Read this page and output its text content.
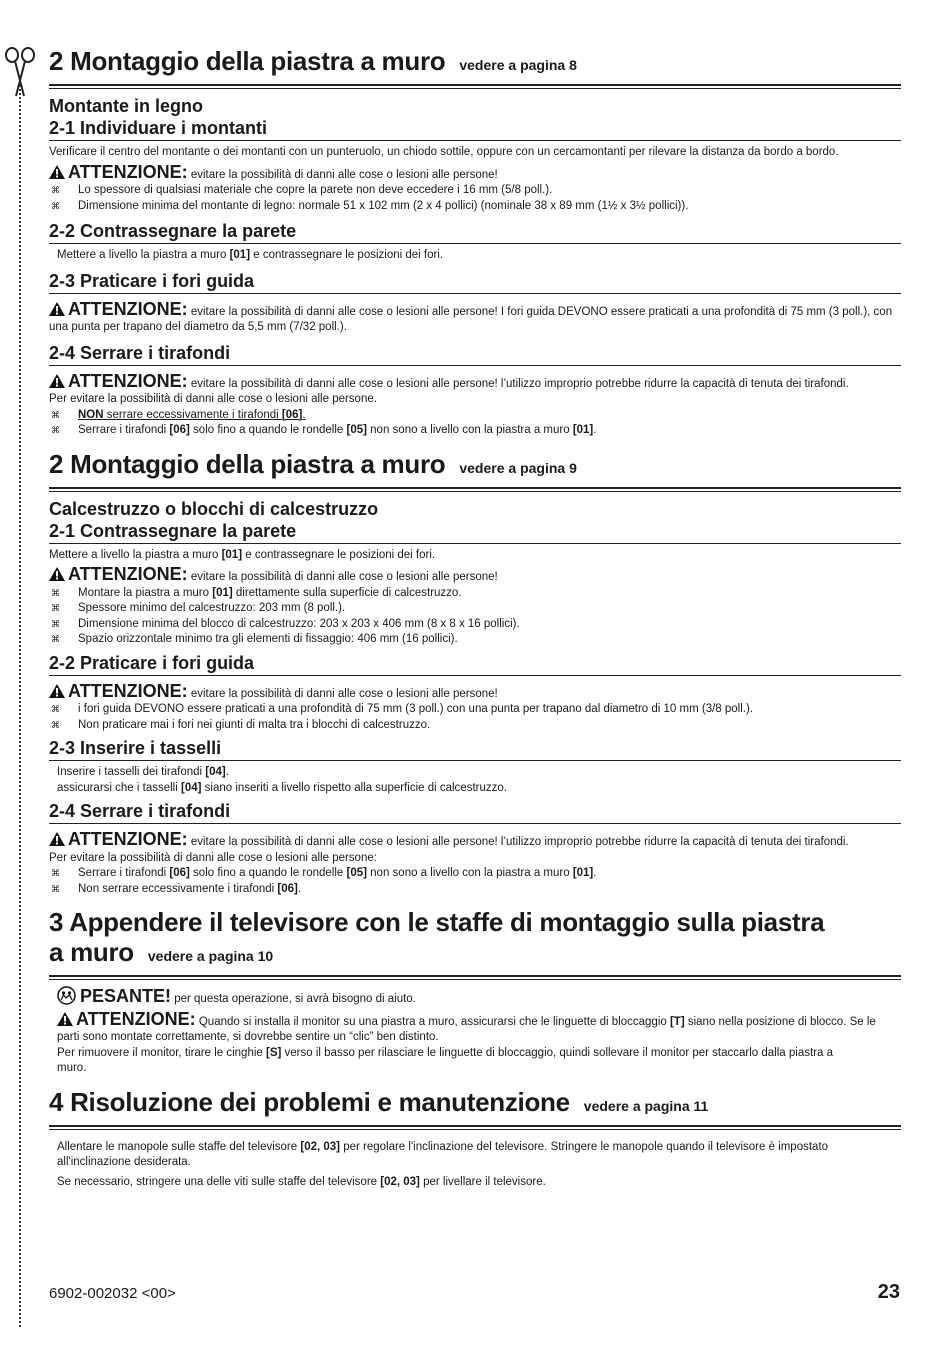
2 Montaggio della piastra a muro vedere a pagina 8
Montante in legno
2-1 Individuare i montanti

Verificare il centro del montante o dei montanti con un punteruolo, un chiodo sottile, oppure con un cercamontanti per rilevare la distanza da bordo a bordo.

ATTENZIONE: evitare la possibilità di danni alle cose o lesioni alle persone!
⌘ Lo spessore di qualsiasi materiale che copre la parete non deve eccedere i 16 mm (5/8 poll.).
⌘ Dimensione minima del montante di legno: normale 51 x 102 mm (2 x 4 pollici) (nominale 38 x 89 mm (1½ x 3½ pollici)).
2-2 Contrassegnare la parete

Mettere a livello la piastra a muro [01] e contrassegnare le posizioni dei fori.

2-3 Praticare i fori guida
ATTENZIONE: evitare la possibilità di danni alle cose o lesioni alle persone! I fori guida DEVONO essere praticati a una profondità di 75 mm (3 poll.), con una punta per trapano del diametro da 5,5 mm (7/32 poll.).
2-4 Serrare i tirafondi
ATTENZIONE: evitare la possibilità di danni alle cose o lesioni alle persone! l’utilizzo improprio potrebbe ridurre la capacità di tenuta dei tirafondi.

Per evitare la possibilità di danni alle cose o lesioni alle persone.

⌘ NON serrare eccessivamente i tirafondi [06].
⌘ Serrare i tirafondi [06] solo fino a quando le rondelle [05] non sono a livello con la piastra a muro [01].
2 Montaggio della piastra a muro vedere a pagina 9
Calcestruzzo o blocchi di calcestruzzo
2-1 Contrassegnare la parete

Mettere a livello la piastra a muro [01] e contrassegnare le posizioni dei fori.

ATTENZIONE: evitare la possibilità di danni alle cose o lesioni alle persone!
⌘ Montare la piastra a muro [01] direttamente sulla superficie di calcestruzzo.
⌘ Spessore minimo del calcestruzzo: 203 mm (8 poll.).
⌘ Dimensione minima del blocco di calcestruzzo: 203 x 203 x 406 mm (8 x 8 x 16 pollici).
⌘ Spazio orizzontale minimo tra gli elementi di fissaggio: 406 mm (16 pollici).
2-2 Praticare i fori guida
ATTENZIONE: evitare la possibilità di danni alle cose o lesioni alle persone!
⌘ i fori guida DEVONO essere praticati a una profondità di 75 mm (3 poll.) con una punta per trapano dal diametro di 10 mm (3/8 poll.).
⌘ Non praticare mai i fori nei giunti di malta tra i blocchi di calcestruzzo.
2-3 Inserire i tasselli

Inserire i tasselli dei tirafondi [04].

assicurarsi che i tasselli [04] siano inseriti a livello rispetto alla superficie di calcestruzzo.

2-4 Serrare i tirafondi
ATTENZIONE: evitare la possibilità di danni alle cose o lesioni alle persone! l’utilizzo improprio potrebbe ridurre la capacità di tenuta dei tirafondi.

Per evitare la possibilità di danni alle cose o lesioni alle persone:

⌘ Serrare i tirafondi [06] solo fino a quando le rondelle [05] non sono a livello con la piastra a muro [01].
⌘ Non serrare eccessivamente i tirafondi [06].
3 Appendere il televisore con le staffe di montaggio sulla piastra
a muro vedere a pagina 10
PESANTE! per questa operazione, si avrà bisogno di aiuto.
ATTENZIONE: Quando si installa il monitor su una piastra a muro, assicurarsi che le linguette di bloccaggio [T] siano nella posizione di blocco. Se le parti sono montate correttamente, si dovrebbe sentire un “clic” ben distinto.

Per rimuovere il monitor, tirare le cinghie [S] verso il basso per rilasciare le linguette di bloccaggio, quindi sollevare il monitor per staccarlo dalla piastra a muro.

4 Risoluzione dei problemi e manutenzione vedere a pagina 11

Allentare le manopole sulle staffe del televisore [02, 03] per regolare l'inclinazione del televisore. Stringere le manopole quando il televisore è impostato all'inclinazione desiderata.

Se necessario, stringere una delle viti sulle staffe del televisore [02, 03] per livellare il televisore.

6902-002032 <00>	23
